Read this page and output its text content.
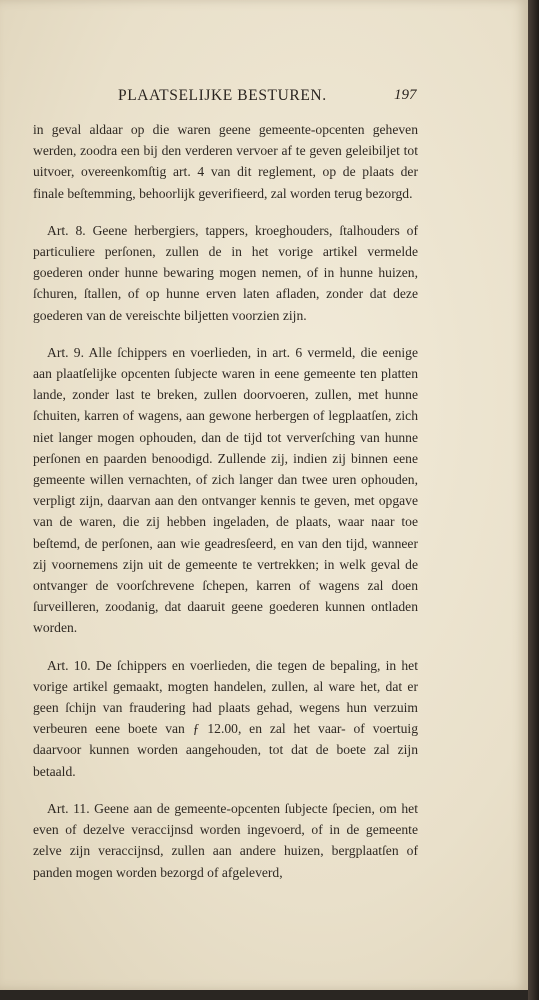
PLAATSELIJKE BESTUREN.	197

in geval aldaar op die waren geene gemeente-opcenten geheven werden, zoodra een bij den verderen vervoer af te geven geleibiljet tot uitvoer, overeenkomſtig art. 4 van dit reglement, op de plaats der finale beſtemming, behoorlijk geverifieerd, zal worden terug bezorgd.

Art. 8. Geene herbergiers, tappers, kroeghouders, ſtalhouders of particuliere perſonen, zullen de in het vorige artikel vermelde goederen onder hunne bewaring mogen nemen, of in hunne huizen, ſchuren, ſtallen, of op hunne erven laten afladen, zonder dat deze goederen van de vereischte biljetten voorzien zijn.

Art. 9. Alle ſchippers en voerlieden, in art. 6 vermeld, die eenige aan plaatſelijke opcenten ſubjecte waren in eene gemeente ten platten lande, zonder last te breken, zullen doorvoeren, zullen, met hunne ſchuiten, karren of wagens, aan gewone herbergen of legplaatſen, zich niet langer mogen ophouden, dan de tijd tot ververſching van hunne perſonen en paarden benoodigd. Zullende zij, indien zij binnen eene gemeente willen vernachten, of zich langer dan twee uren ophouden, verpligt zijn, daarvan aan den ontvanger kennis te geven, met opgave van de waren, die zij hebben ingeladen, de plaats, waar naar toe beſtemd, de perſonen, aan wie geadresſeerd, en van den tijd, wanneer zij voornemens zijn uit de gemeente te vertrekken; in welk geval de ontvanger de voorſchrevene ſchepen, karren of wagens zal doen ſurveilleren, zoodanig, dat daaruit geene goederen kunnen ontladen worden.

Art. 10. De ſchippers en voerlieden, die tegen de bepaling, in het vorige artikel gemaakt, mogten handelen, zullen, al ware het, dat er geen ſchijn van fraudering had plaats gehad, wegens hun verzuim verbeuren eene boete van ƒ 12.00, en zal het vaar- of voertuig daarvoor kunnen worden aangehouden, tot dat de boete zal zijn betaald.

Art. 11. Geene aan de gemeente-opcenten ſubjecte ſpecien, om het even of dezelve veraccijnsd worden ingevoerd, of in de gemeente zelve zijn veraccijnsd, zullen aan andere huizen, bergplaatſen of panden mogen worden bezorgd of afgeleverd,
